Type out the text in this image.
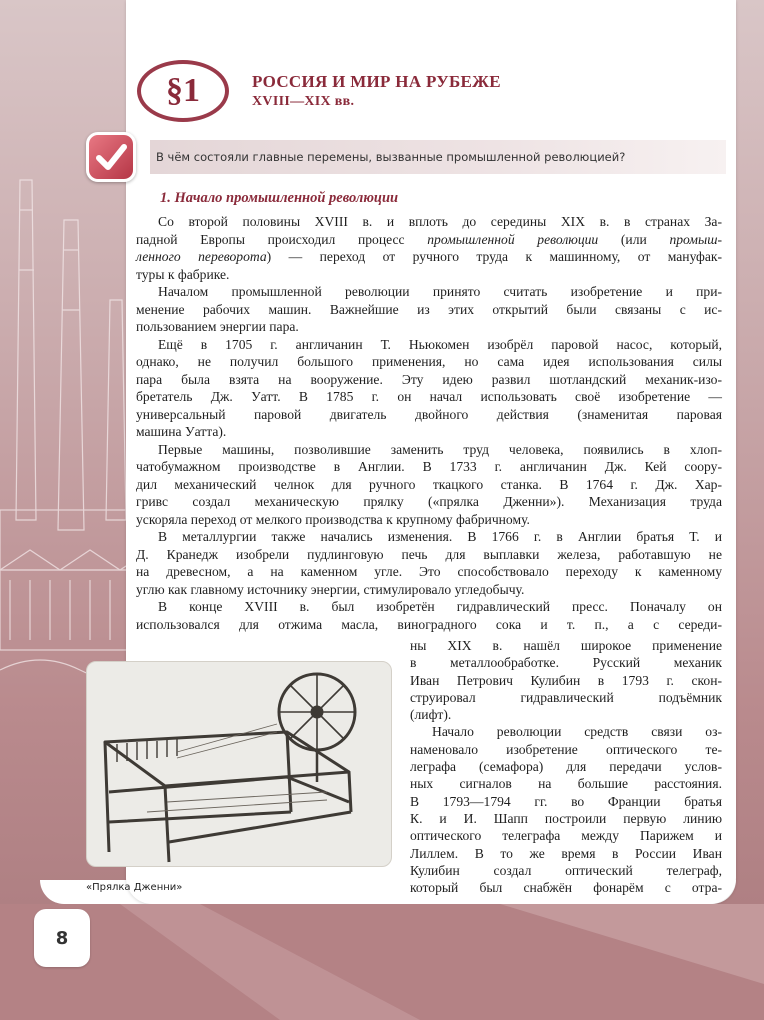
§1	РОССИЯ И МИР НА РУБЕЖЕ
XVIII—XIX вв.
В чём состояли главные перемены, вызванные промышленной революцией?
1. Начало промышленной революции

Со второй половины XVIII в. и вплоть до середины XIX в. в странах За-
падной Европы происходил процесс промышленной революции (или промыш-
ленного переворота) — переход от ручного труда к машинному, от мануфак-
туры к фабрике.

Началом промышленной революции принято считать изобретение и при-
менение рабочих машин. Важнейшие из этих открытий были связаны с ис-
пользованием энергии пара.

Ещё в 1705 г. англичанин Т. Ньюкомен изобрёл паровой насос, который,
однако, не получил большого применения, но сама идея использования силы
пара была взята на вооружение. Эту идею развил шотландский механик-изо-
бретатель Дж. Уатт. В 1785 г. он начал использовать своё изобретение —
универсальный паровой двигатель двойного действия (знаменитая паровая
машина Уатта).

Первые машины, позволившие заменить труд человека, появились в хлоп-
чатобумажном производстве в Англии. В 1733 г. англичанин Дж. Кей соору-
дил механический челнок для ручного ткацкого станка. В 1764 г. Дж. Хар-
гривс создал механическую прялку («прялка Дженни»). Механизация труда
ускоряла переход от мелкого производства к крупному фабричному.

В металлургии также начались изменения. В 1766 г. в Англии братья Т. и
Д. Кранедж изобрели пудлинговую печь для выплавки железа, работавшую не
на древесном, а на каменном угле. Это способствовало переходу к каменному
углю как главному источнику энергии, стимулировало угледобычу.

В конце XVIII в. был изобретён гидравлический пресс. Поначалу он
использовался для отжима масла, виноградного сока и т. п., а с середи-

ны XIX в. нашёл широкое применение
в металлообработке. Русский механик
Иван Петрович Кулибин в 1793 г. скон-
струировал гидравлический подъёмник
(лифт).
Начало революции средств связи оз-
наменовало изобретение оптического те-
леграфа (семафора) для передачи услов-
ных сигналов на большие расстояния.
В 1793—1794 гг. во Франции братья
К. и И. Шапп построили первую линию
оптического телеграфа между Парижем и
Лиллем. В то же время в России Иван
Кулибин создал оптический телеграф,
который был снабжён фонарём с отра-
«Прялка Дженни»
8
